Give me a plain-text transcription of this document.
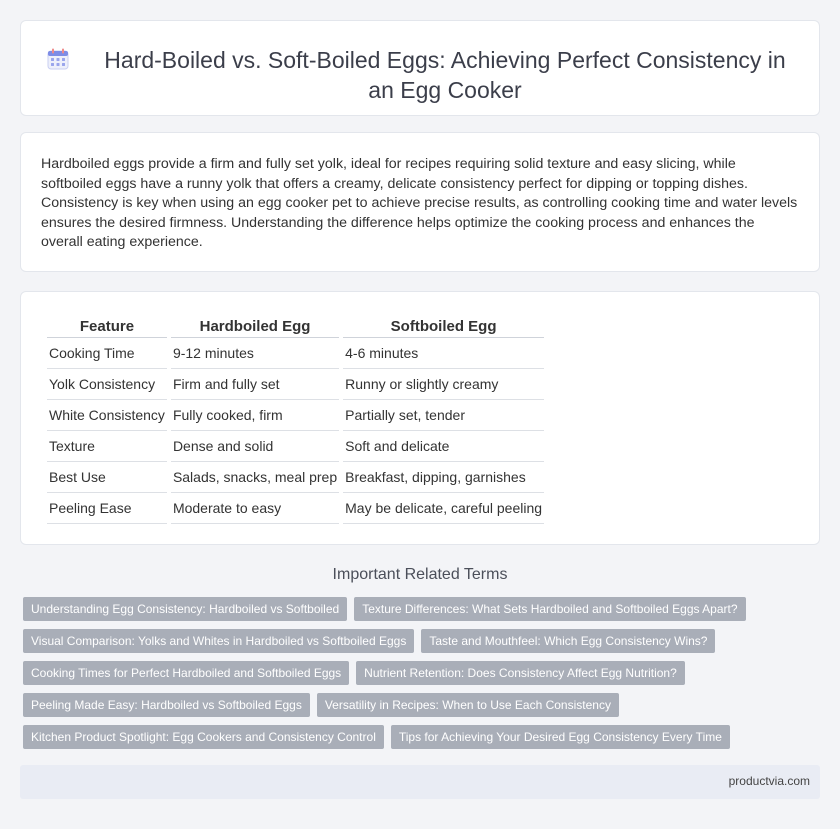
Hard-Boiled vs. Soft-Boiled Eggs: Achieving Perfect Consistency in an Egg Cooker

Hardboiled eggs provide a firm and fully set yolk, ideal for recipes requiring solid texture and easy slicing, while softboiled eggs have a runny yolk that offers a creamy, delicate consistency perfect for dipping or topping dishes. Consistency is key when using an egg cooker pet to achieve precise results, as controlling cooking time and water levels ensures the desired firmness. Understanding the difference helps optimize the cooking process and enhances the overall eating experience.

Feature	Hardboiled Egg	Softboiled Egg
Cooking Time	9-12 minutes	4-6 minutes
Yolk Consistency	Firm and fully set	Runny or slightly creamy
White Consistency	Fully cooked, firm	Partially set, tender
Texture	Dense and solid	Soft and delicate
Best Use	Salads, snacks, meal prep	Breakfast, dipping, garnishes
Peeling Ease	Moderate to easy	May be delicate, careful peeling
Important Related Terms
Understanding Egg Consistency: Hardboiled vs Softboiled	Texture Differences: What Sets Hardboiled and Softboiled Eggs Apart?
Visual Comparison: Yolks and Whites in Hardboiled vs Softboiled Eggs	Taste and Mouthfeel: Which Egg Consistency Wins?
Cooking Times for Perfect Hardboiled and Softboiled Eggs	Nutrient Retention: Does Consistency Affect Egg Nutrition?
Peeling Made Easy: Hardboiled vs Softboiled Eggs	Versatility in Recipes: When to Use Each Consistency
Kitchen Product Spotlight: Egg Cookers and Consistency Control	Tips for Achieving Your Desired Egg Consistency Every Time
productvia.com
